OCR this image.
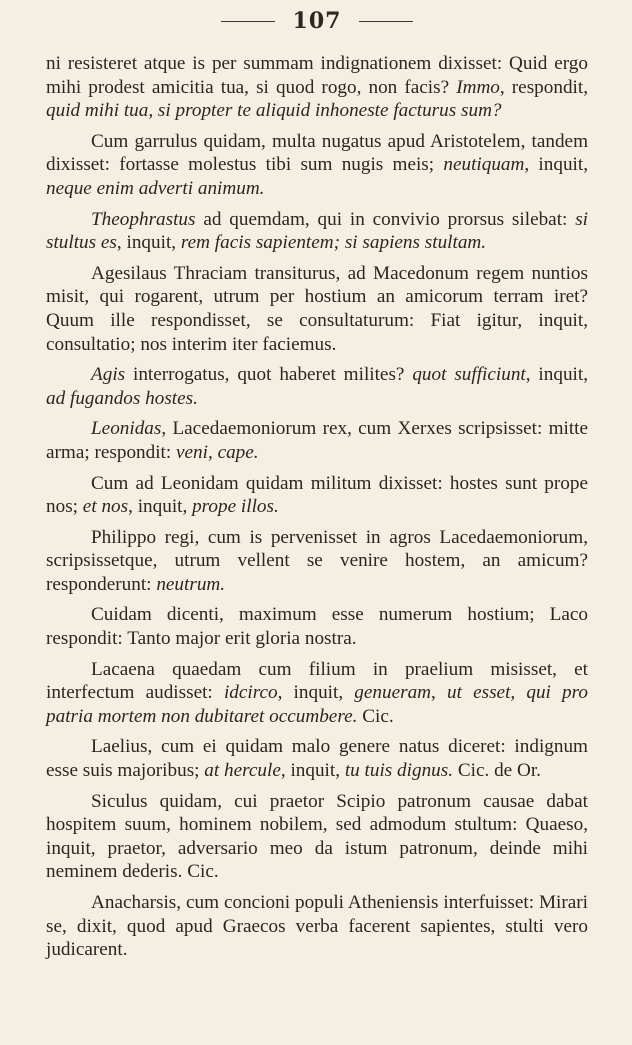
107

ni resisteret atque is per summam indignationem dixisset: Quid ergo mihi prodest amicitia tua, si quod rogo, non facis? Immo, respondit, quid mihi tua, si propter te aliquid inhoneste facturus sum?

Cum garrulus quidam, multa nugatus apud Aristotelem, tandem dixisset: fortasse molestus tibi sum nugis meis; neutiquam, inquit, neque enim adverti animum.

Theophrastus ad quemdam, qui in convivio prorsus silebat: si stultus es, inquit, rem facis sapientem; si sapiens stultam.

Agesilaus Thraciam transiturus, ad Macedonum regem nuntios misit, qui rogarent, utrum per hostium an amicorum terram iret? Quum ille respondisset, se consultaturum: Fiat igitur, inquit, consultatio; nos interim iter faciemus.

Agis interrogatus, quot haberet milites? quot sufficiunt, inquit, ad fugandos hostes.

Leonidas, Lacedaemoniorum rex, cum Xerxes scripsisset: mitte arma; respondit: veni, cape.

Cum ad Leonidam quidam militum dixisset: hostes sunt prope nos; et nos, inquit, prope illos.

Philippo regi, cum is pervenisset in agros Lacedaemoniorum, scripsissetque, utrum vellent se venire hostem, an amicum? responderunt: neutrum.

Cuidam dicenti, maximum esse numerum hostium; Laco respondit: Tanto major erit gloria nostra.

Lacaena quaedam cum filium in praelium misisset, et interfectum audisset: idcirco, inquit, genueram, ut esset, qui pro patria mortem non dubitaret occumbere. Cic.

Laelius, cum ei quidam malo genere natus diceret: indignum esse suis majoribus; at hercule, inquit, tu tuis dignus. Cic. de Or.

Siculus quidam, cui praetor Scipio patronum causae dabat hospitem suum, hominem nobilem, sed admodum stultum: Quaeso, inquit, praetor, adversario meo da istum patronum, deinde mihi neminem dederis. Cic.

Anacharsis, cum concioni populi Atheniensis interfuisset: Mirari se, dixit, quod apud Graecos verba facerent sapientes, stulti vero judicarent.
